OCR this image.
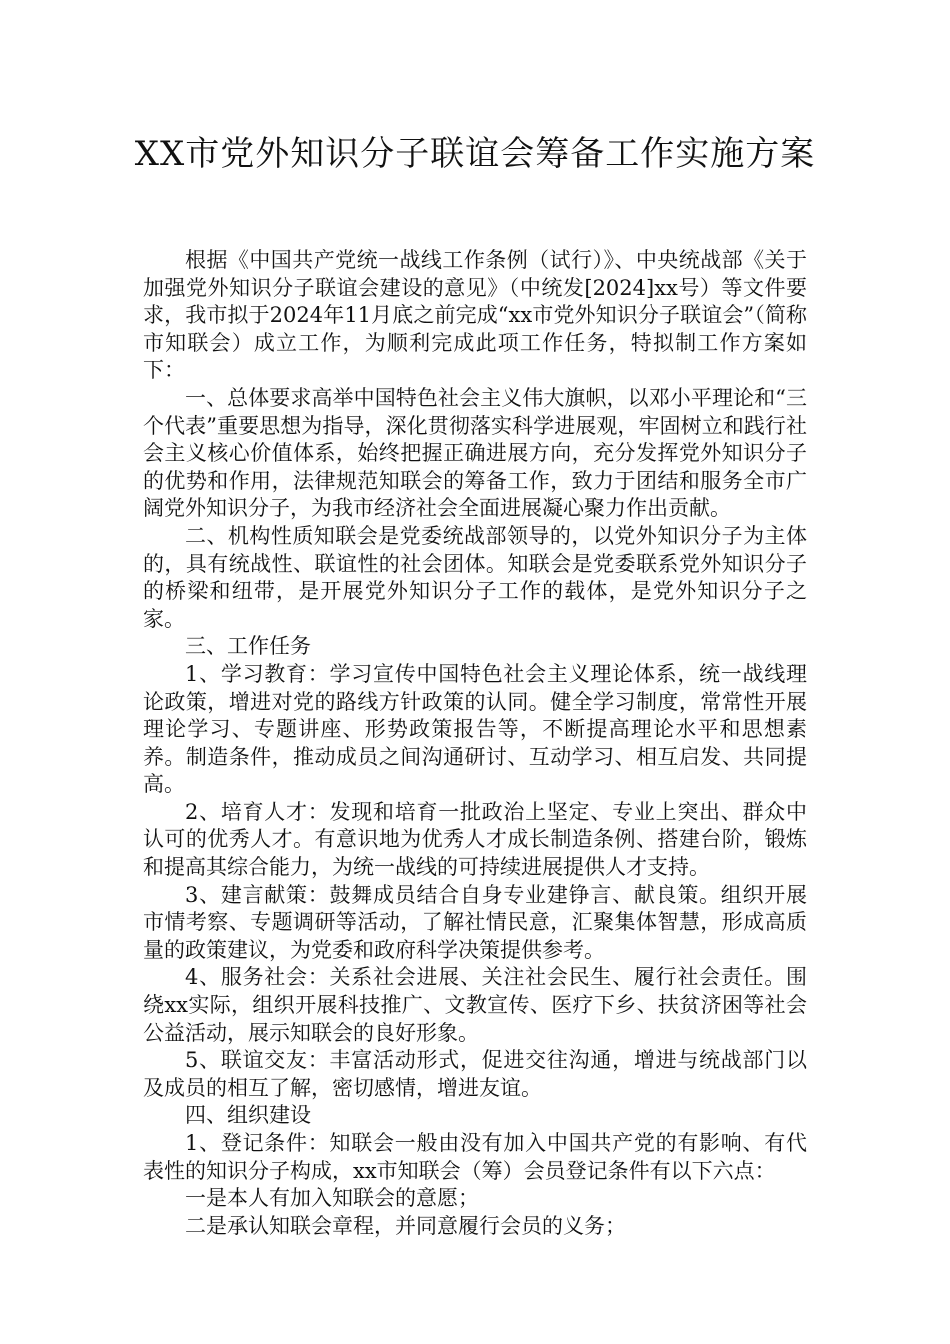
XX市党外知识分子联谊会筹备工作实施方案

根据《中国共产党统一战线工作条例（试行）》、中央统战部《关于加强党外知识分子联谊会建设的意见》（中统发[2024]xx号）等文件要求，我市拟于2024年11月底之前完成“xx市党外知识分子联谊会”（简称市知联会）成立工作，为顺利完成此项工作任务，特拟制工作方案如下：

一、总体要求高举中国特色社会主义伟大旗帜，以邓小平理论和“三个代表”重要思想为指导，深化贯彻落实科学进展观，牢固树立和践行社会主义核心价值体系，始终把握正确进展方向，充分发挥党外知识分子的优势和作用，法律规范知联会的筹备工作，致力于团结和服务全市广阔党外知识分子，为我市经济社会全面进展凝心聚力作出贡献。

二、机构性质知联会是党委统战部领导的，以党外知识分子为主体的，具有统战性、联谊性的社会团体。知联会是党委联系党外知识分子的桥梁和纽带，是开展党外知识分子工作的载体，是党外知识分子之家。

三、工作任务

1、学习教育：学习宣传中国特色社会主义理论体系，统一战线理论政策，增进对党的路线方针政策的认同。健全学习制度，常常性开展理论学习、专题讲座、形势政策报告等，不断提高理论水平和思想素养。制造条件，推动成员之间沟通研讨、互动学习、相互启发、共同提高。

2、培育人才：发现和培育一批政治上坚定、专业上突出、群众中认可的优秀人才。有意识地为优秀人才成长制造条例、搭建台阶，锻炼和提高其综合能力，为统一战线的可持续进展提供人才支持。

3、建言献策：鼓舞成员结合自身专业建铮言、献良策。组织开展市情考察、专题调研等活动，了解社情民意，汇聚集体智慧，形成高质量的政策建议，为党委和政府科学决策提供参考。

4、服务社会：关系社会进展、关注社会民生、履行社会责任。围绕xx实际，组织开展科技推广、文教宣传、医疗下乡、扶贫济困等社会公益活动，展示知联会的良好形象。

5、联谊交友：丰富活动形式，促进交往沟通，增进与统战部门以及成员的相互了解，密切感情，增进友谊。

四、组织建设

1、登记条件：知联会一般由没有加入中国共产党的有影响、有代表性的知识分子构成，xx市知联会（筹）会员登记条件有以下六点：

一是本人有加入知联会的意愿；

二是承认知联会章程，并同意履行会员的义务；
